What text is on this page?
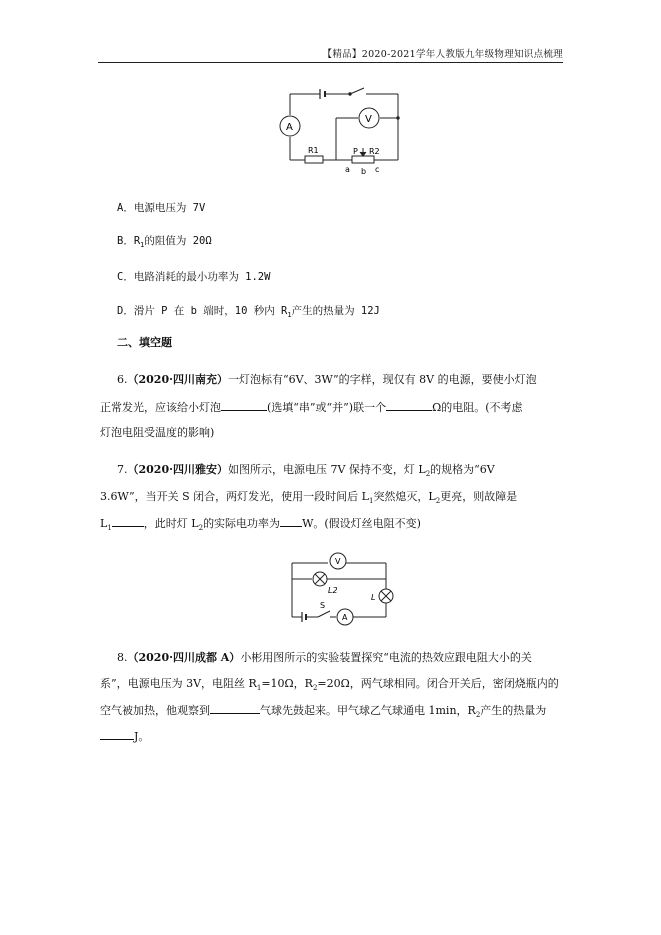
【精品】2020-2021学年人教版九年级物理知识点梳理
A
V
R1	P R2
a b c
A．电源电压为 7V
B．$R_1$的阻值为 20Ω
C．电路消耗的最小功率为 1.2W
D．滑片 P 在 b 端时，10 秒内 $R_1$产生的热量为 12J
二、填空题
6.（2020·四川南充）一灯泡标有“6V、3W”的字样，现仅有 8V 的电源，要使小灯泡
正常发光，应该给小灯泡	(选填“串”或“并”)联一个	Ω的电阻。(不考虑
灯泡电阻受温度的影响)
7.（2020·四川雅安）如图所示，电源电压 7V 保持不变，灯 $L_2$的规格为“6V
3.6W”，当开关 S 闭合，两灯发光，使用一段时间后 $L_1$突然熄灭，$L_2$更亮，则故障是
$L_1$	，此时灯 $L_2$的实际电功率为 W。(假设灯丝电阻不变)
V
L2
L
S
A
8.（2020·四川成都 A）小彬用图所示的实验装置探究“电流的热效应跟电阻大小的关
系”，电源电压为 3V，电阻丝 $R_1=10\Omega$，$R_2=20\Omega$，两气球相同。闭合开关后，密闭烧瓶内的
空气被加热，他观察到	气球先鼓起来。甲气球乙气球通电 1min，$R_2$产生的热量为
J。
